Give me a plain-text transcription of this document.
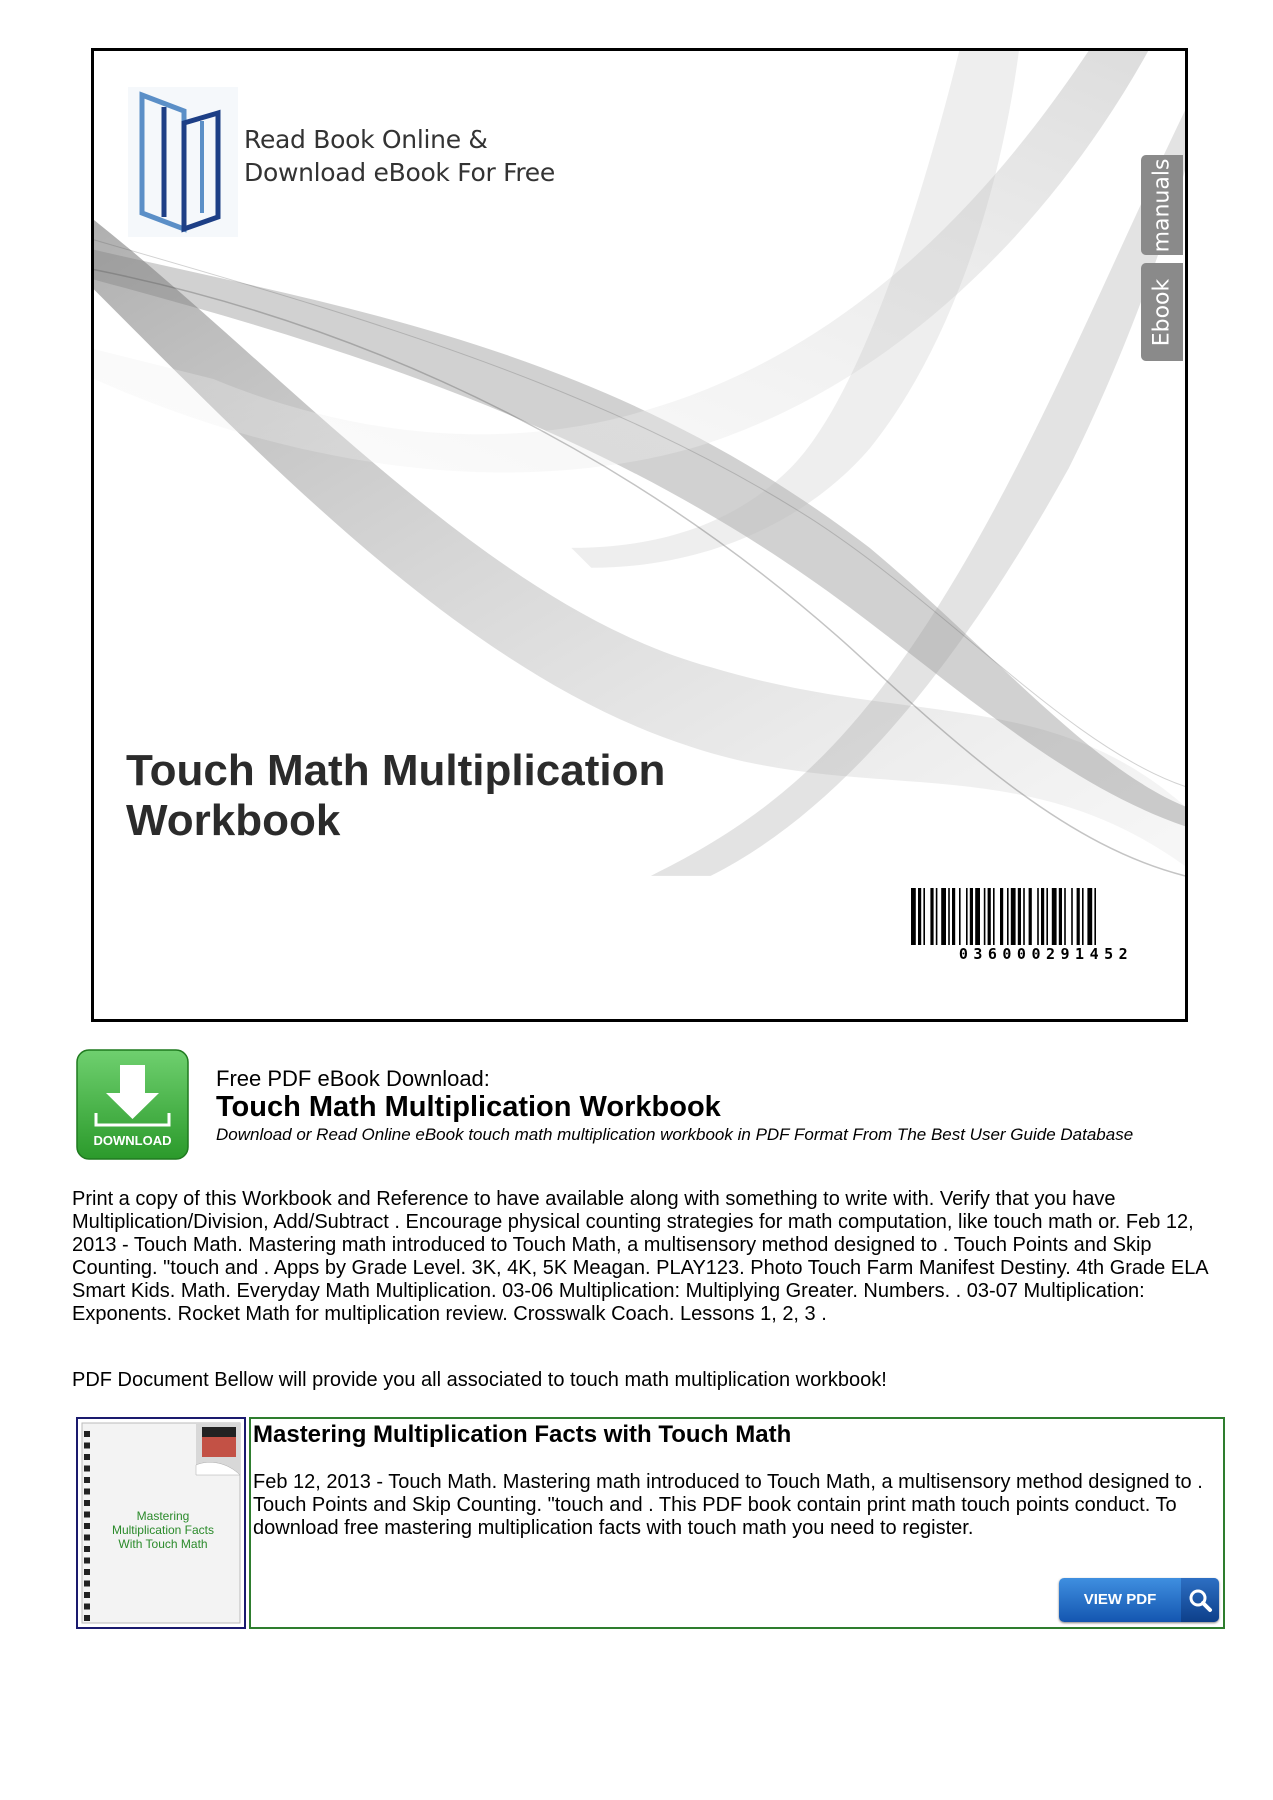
Read Book Online &
Download eBook For Free	manuals
Ebook
Touch Math Multiplication
Workbook
036000291452
DOWNLOAD
Free PDF eBook Download:
Touch Math Multiplication Workbook
Download or Read Online eBook touch math multiplication workbook in PDF Format From The Best User Guide Database
Print a copy of this Workbook and Reference to have available along with something to write with. Verify that you have Multiplication/Division, Add/Subtract . Encourage physical counting strategies for math computation, like touch math or. Feb 12, 2013 - Touch Math. Mastering math introduced to Touch Math, a multisensory method designed to . Touch Points and Skip Counting. "touch and . Apps by Grade Level. 3K, 4K, 5K Meagan. PLAY123. Photo Touch Farm Manifest Destiny. 4th Grade ELA Smart Kids. Math. Everyday Math Multiplication. 03-06 Multiplication: Multiplying Greater. Numbers. . 03-07 Multiplication: Exponents. Rocket Math for multiplication review. Crosswalk Coach. Lessons 1, 2, 3 .
PDF Document Bellow will provide you all associated to touch math multiplication workbook!
Mastering
Multiplication Facts
With Touch Math
Mastering Multiplication Facts with Touch Math
Feb 12, 2013 - Touch Math. Mastering math introduced to Touch Math, a multisensory method designed to . Touch Points and Skip Counting. "touch and . This PDF book contain print math touch points conduct. To download free mastering multiplication facts with touch math you need to register.
VIEW PDF
